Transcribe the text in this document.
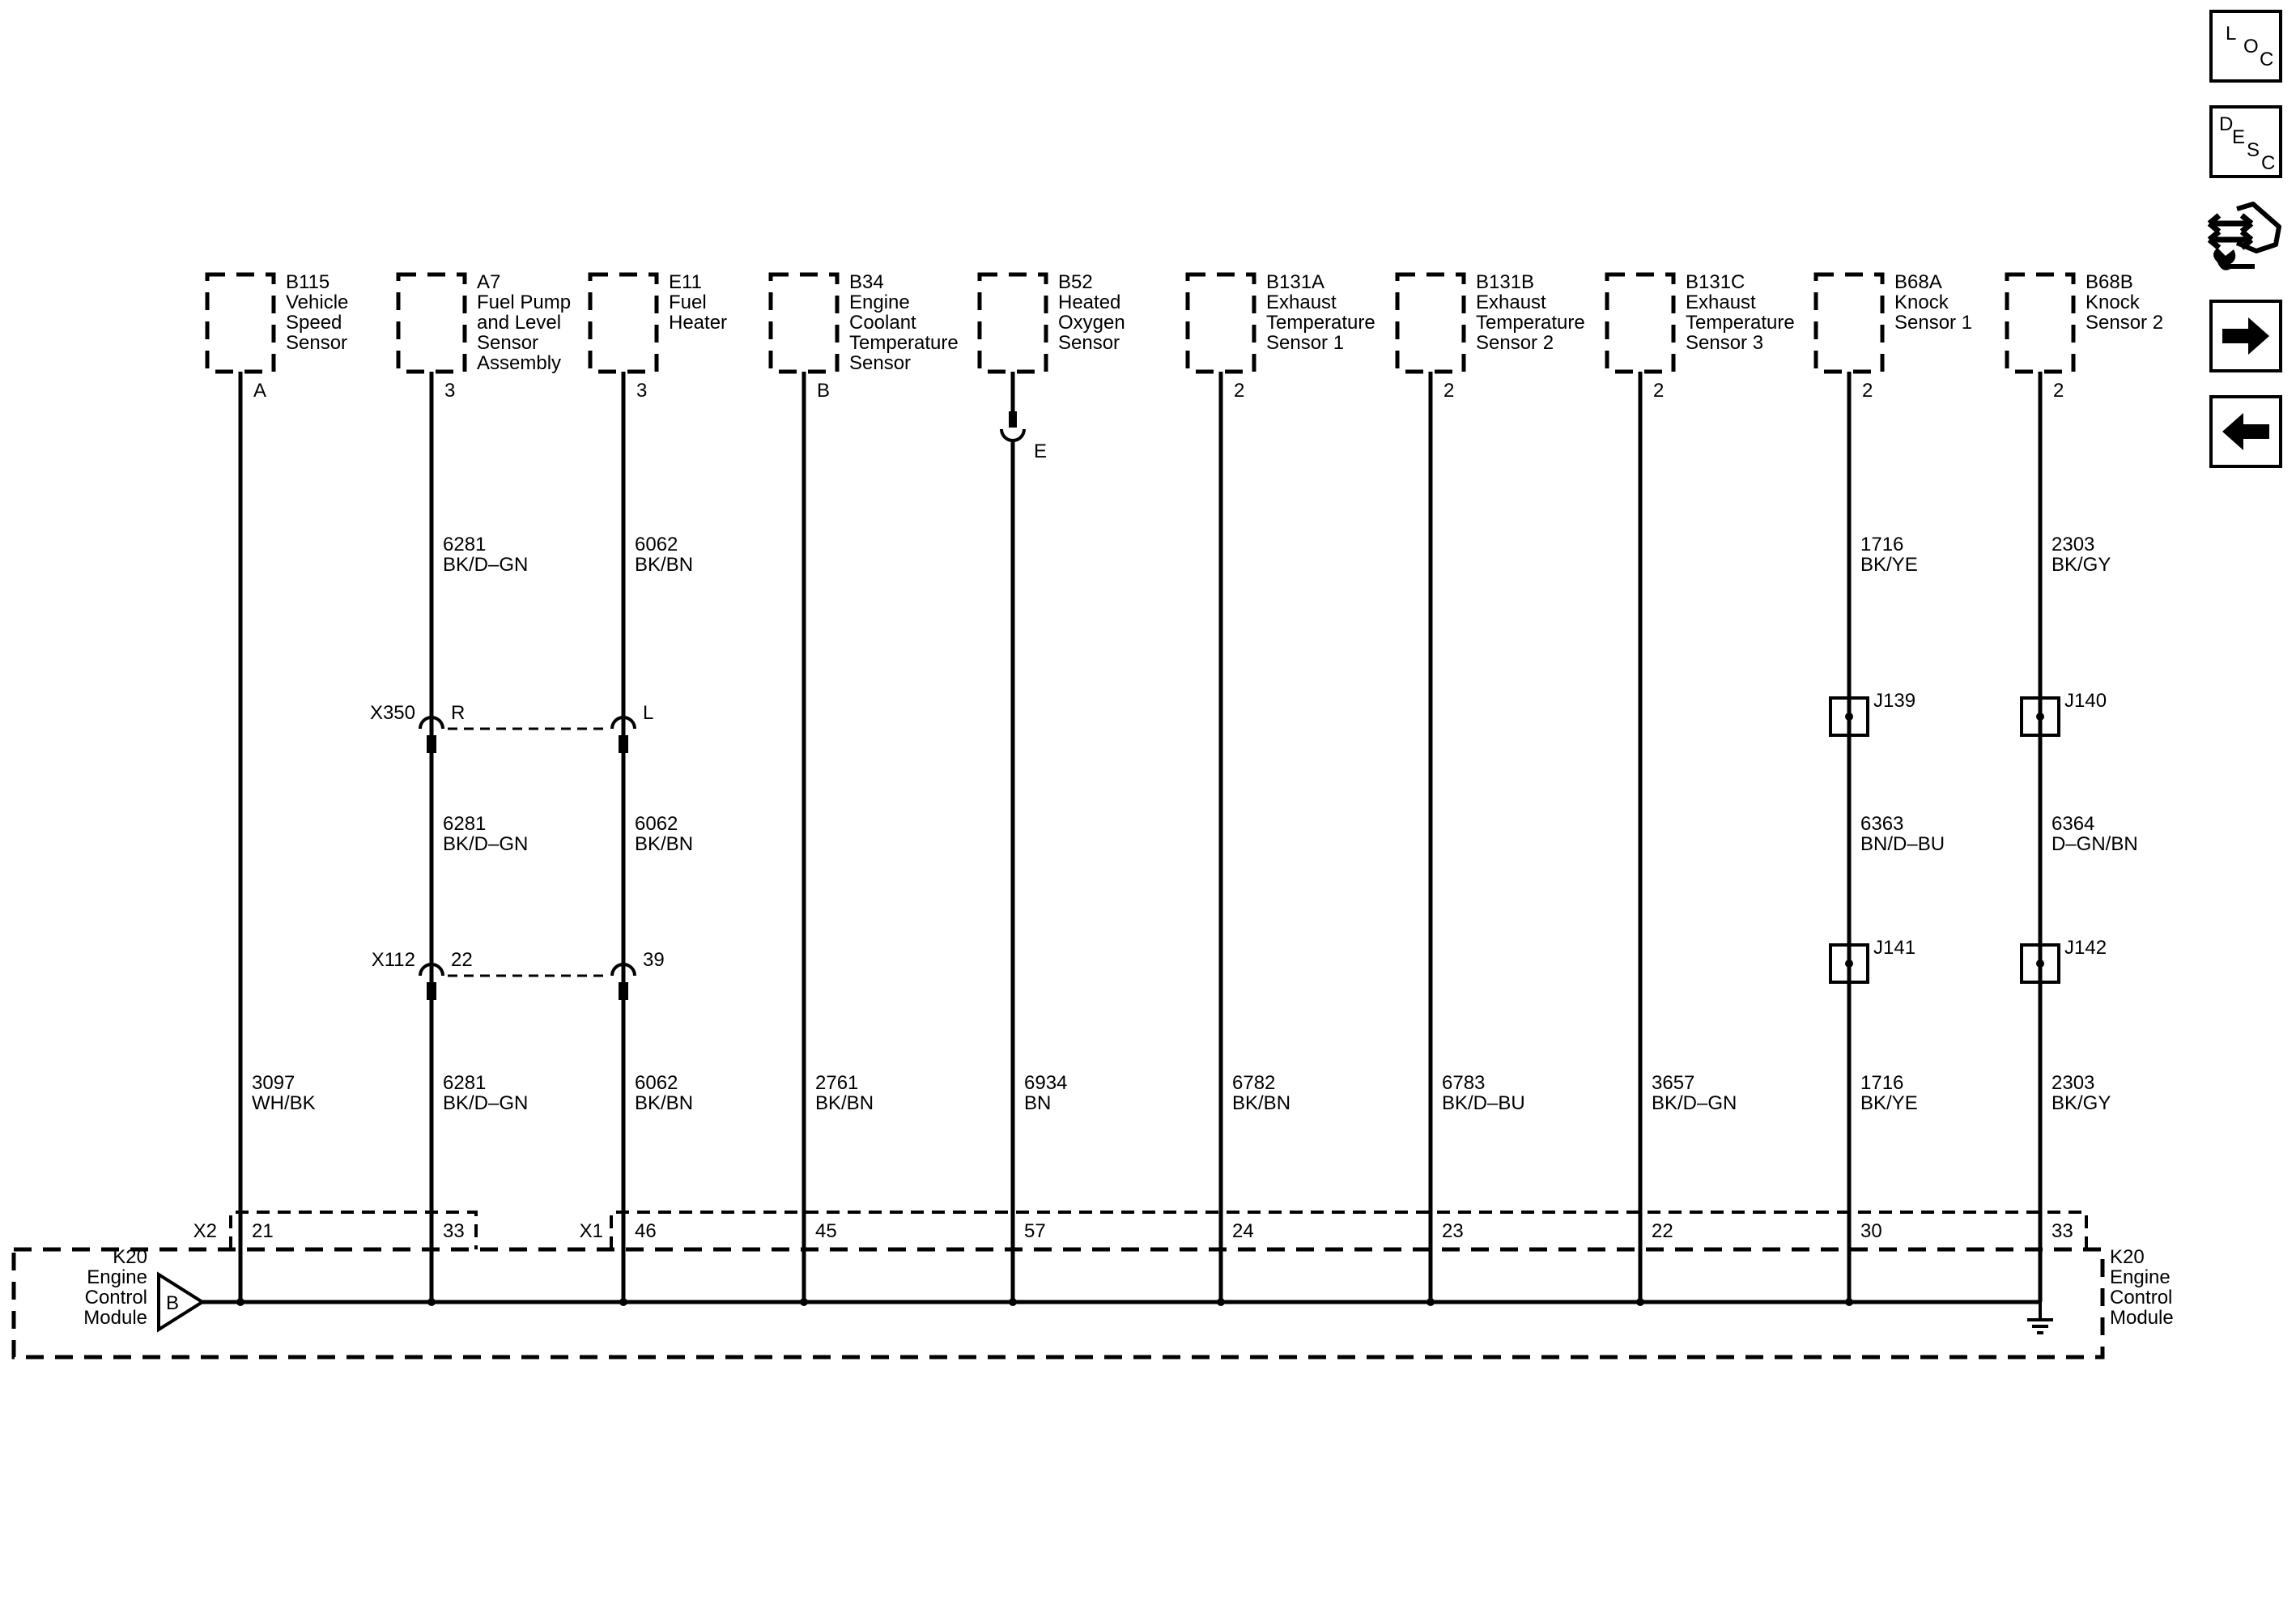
B115
Vehicle
Speed
Sensor
A
A7
Fuel Pump
and Level
Sensor
Assembly
3
E11
Fuel
Heater
3
B34
Engine
Coolant
Temperature
Sensor
B
B52
Heated
Oxygen
Sensor
E
B131A
Exhaust
Temperature
Sensor 1
2
B131B
Exhaust
Temperature
Sensor 2
2
B131C
Exhaust
Temperature
Sensor 3
2
B68A
Knock
Sensor 1
2
B68B
Knock
Sensor 2
2
3097
WH/BK
21
6281
BK/D–GN
6281
BK/D–GN
6281
BK/D–GN
33
6062
BK/BN
6062
BK/BN
6062
BK/BN
46
2761
BK/BN
45
6934
BN
57
6782
BK/BN
24
6783
BK/D–BU
23
3657
BK/D–GN
22
1716
BK/YE
6363
BN/D–BU
1716
BK/YE
30
2303
BK/GY
6364
D–GN/BN
2303
BK/GY
33
R	L
X350
22	39
X112
J139	J140
J141	J142
X2	X1
K20	K20
Engine	Engine
Control	Control
Module	Module
B
L
O
C
D
E
S
C
